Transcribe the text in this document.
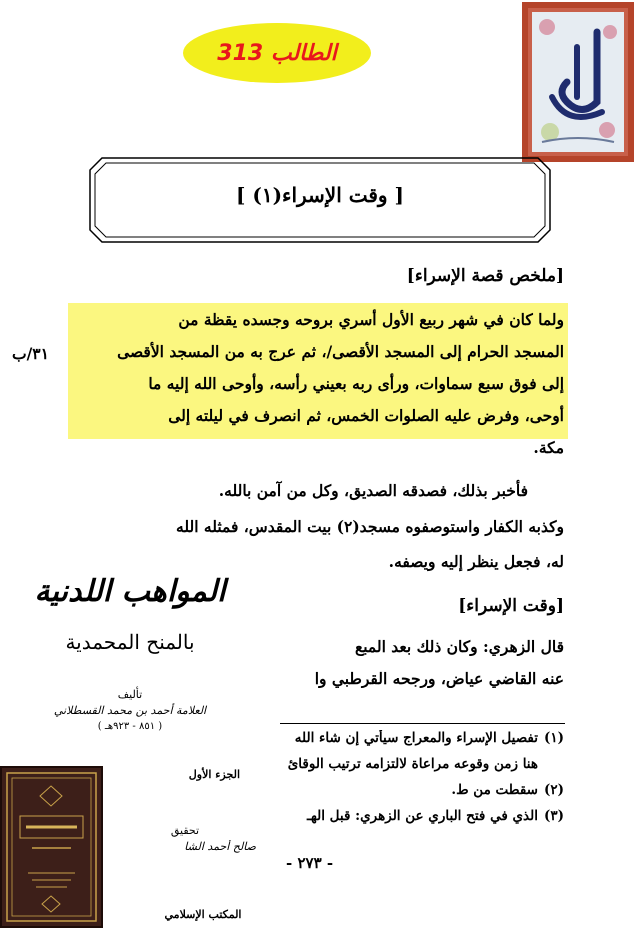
الطالب 313
[ وقت الإسراء(١) ]
[ملخص قصة الإسراء]
ولما كان في شهر ربيع الأول أسري بروحه وجسده يقظة من
المسجد الحرام إلى المسجد الأقصى/، ثم عرج به من المسجد الأقصى
إلى فوق سبع سماوات، ورأى ربه بعيني رأسه، وأوحى الله إليه ما
أوحى، وفرض عليه الصلوات الخمس، ثم انصرف في ليلته إلى
مكة.
٣١/ب
فأخبر بذلك، فصدقه الصديق، وكل من آمن بالله.
وكذبه الكفار واستوصفوه مسجد(٢) بيت المقدس، فمثله الله
له، فجعل ينظر إليه ويصفه.
[وقت الإسراء]
قال الزهري: وكان ذلك بعد المبع
عنه القاضي عياض، ورجحه القرطبي وا
(١)
تفصيل الإسراء والمعراج سيأتي إن شاء الله
هنا زمن وقوعه مراعاة لالتزامه ترتيب الوقائ
(٢)
سقطت من ط.
(٣)
الذي في فتح الباري عن الزهري: قبل الهـ
- ٢٧٣ -
المواهب اللدنية
بالمنح المحمدية
تأليف
العلامة أحمد بن محمد القسطلاني
( ٨٥١ - ٩٢٣هـ )
الجزء الأول
تحقيق
صالح أحمد الشا
المكتب الإسلامي
